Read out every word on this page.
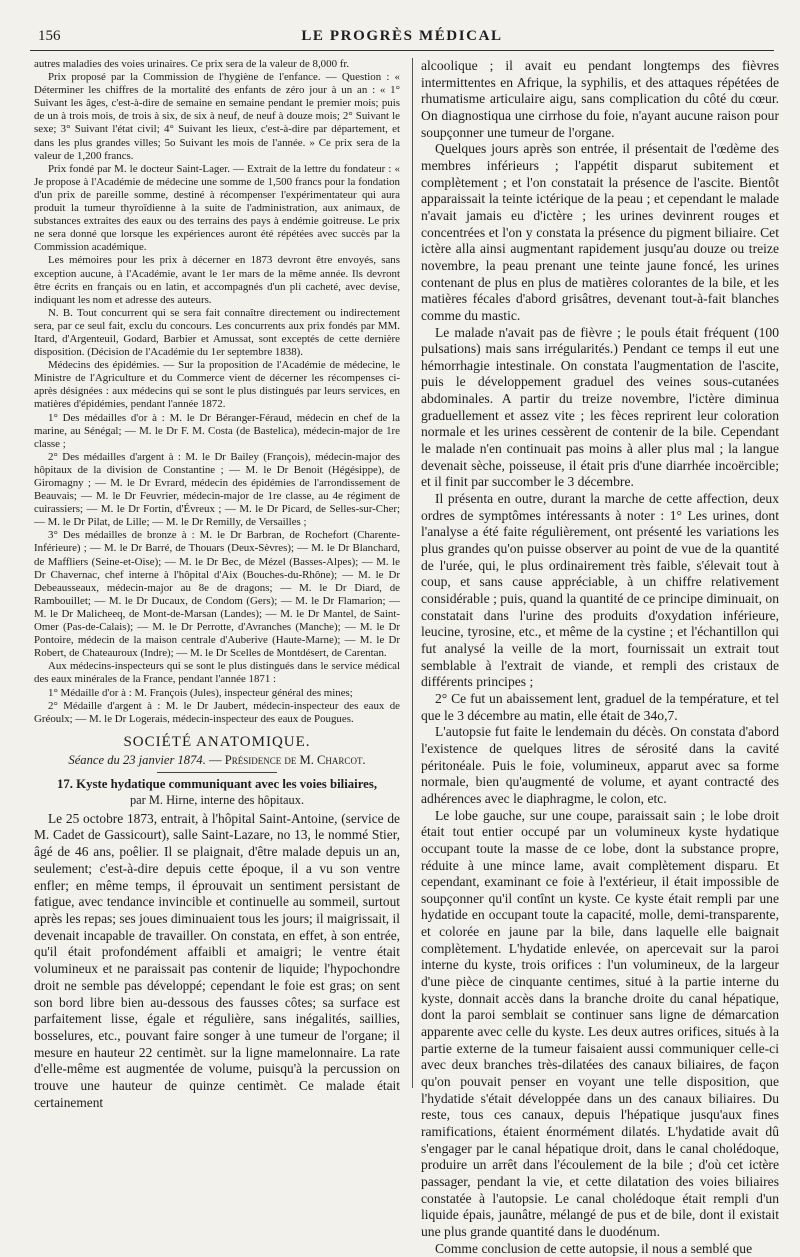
156	LE PROGRÈS MÉDICAL

autres maladies des voies urinaires. Ce prix sera de la valeur de 8,000 fr.

Prix proposé par la Commission de l'hygiène de l'enfance. — Question : « Déterminer les chiffres de la mortalité des enfants de zéro jour à un an : « 1° Suivant les âges, c'est-à-dire de semaine en semaine pendant le premier mois; puis de un à trois mois, de trois à six, de six à neuf, de neuf à douze mois; 2° Suivant le sexe; 3° Suivant l'état civil; 4° Suivant les lieux, c'est-à-dire par département, et dans les plus grandes villes; 5o Suivant les mois de l'année. » Ce prix sera de la valeur de 1,200 francs.

Prix fondé par M. le docteur Saint-Lager. — Extrait de la lettre du fondateur : « Je propose à l'Académie de médecine une somme de 1,500 francs pour la fondation d'un prix de pareille somme, destiné à récompenser l'expérimentateur qui aura produit la tumeur thyroïdienne à la suite de l'administration, aux animaux, de substances extraites des eaux ou des terrains des pays à endémie goitreuse. Le prix ne sera donné que lorsque les expériences auront été répétées avec succès par la Commission académique.

Les mémoires pour les prix à décerner en 1873 devront être envoyés, sans exception aucune, à l'Académie, avant le 1er mars de la même année. Ils devront être écrits en français ou en latin, et accompagnés d'un pli cacheté, avec devise, indiquant les nom et adresse des auteurs.

N. B. Tout concurrent qui se sera fait connaître directement ou indirectement sera, par ce seul fait, exclu du concours. Les concurrents aux prix fondés par MM. Itard, d'Argenteuil, Godard, Barbier et Amussat, sont exceptés de cette dernière disposition. (Décision de l'Académie du 1er septembre 1838).

Médecins des épidémies. — Sur la proposition de l'Académie de médecine, le Ministre de l'Agriculture et du Commerce vient de décerner les récompenses ci-après désignées : aux médecins qui se sont le plus distingués par leurs services, en matières d'épidémies, pendant l'année 1872.

1° Des médailles d'or à : M. le Dr Béranger-Féraud, médecin en chef de la marine, au Sénégal; — M. le Dr F. M. Costa (de Bastelica), médecin-major de 1re classe ;

2° Des médailles d'argent à : M. le Dr Bailey (François), médecin-major des hôpitaux de la division de Constantine ; — M. le Dr Benoit (Hégésippe), de Giromagny ; — M. le Dr Evrard, médecin des épidémies de l'arrondissement de Beauvais; — M. le Dr Feuvrier, médecin-major de 1re classe, au 4e régiment de cuirassiers; — M. le Dr Fortin, d'Évreux ; — M. le Dr Picard, de Selles-sur-Cher; — M. le Dr Pilat, de Lille; — M. le Dr Remilly, de Versailles ;

3° Des médailles de bronze à : M. le Dr Barbran, de Rochefort (Charente-Inférieure) ; — M. le Dr Barré, de Thouars (Deux-Sèvres); — M. le Dr Blanchard, de Maffliers (Seine-et-Oise); — M. le Dr Bec, de Mézel (Basses-Alpes); — M. le Dr Chavernac, chef interne à l'hôpital d'Aix (Bouches-du-Rhône); — M. le Dr Debeausseaux, médecin-major au 8e de dragons; — M. le Dr Diard, de Rambouillet; — M. le Dr Ducaux, de Condom (Gers); — M. le Dr Flamarion; — M. le Dr Malicheeq, de Mont-de-Marsan (Landes); — M. le Dr Mantel, de Saint-Omer (Pas-de-Calais); — M. le Dr Perrotte, d'Avranches (Manche); — M. le Dr Pontoire, médecin de la maison centrale d'Auberive (Haute-Marne); — M. le Dr Robert, de Chateauroux (Indre); — M. le Dr Scelles de Montdésert, de Carentan.

Aux médecins-inspecteurs qui se sont le plus distingués dans le service médical des eaux minérales de la France, pendant l'année 1871 :

1° Médaille d'or à : M. François (Jules), inspecteur général des mines;

2° Médaille d'argent à : M. le Dr Jaubert, médecin-inspecteur des eaux de Gréoulx; — M. le Dr Logerais, médecin-inspecteur des eaux de Pougues.

SOCIÉTÉ ANATOMIQUE.
Séance du 23 janvier 1874. — Présidence de M. Charcot.
17. Kyste hydatique communiquant avec les voies biliaires,
par M. Hirne, interne des hôpitaux.

Le 25 octobre 1873, entrait, à l'hôpital Saint-Antoine, (service de M. Cadet de Gassicourt), salle Saint-Lazare, no 13, le nommé Stier, âgé de 46 ans, poêlier. Il se plaignait, d'être malade depuis un an, seulement; c'est-à-dire depuis cette époque, il a vu son ventre enfler; en même temps, il éprouvait un sentiment persistant de fatigue, avec tendance invincible et continuelle au sommeil, surtout après les repas; ses joues diminuaient tous les jours; il maigrissait, il devenait incapable de travailler. On constata, en effet, à son entrée, qu'il était profondément affaibli et amaigri; le ventre était volumineux et ne paraissait pas contenir de liquide; l'hypochondre droit ne semble pas développé; cependant le foie est gras; on sent son bord libre bien au-dessous des fausses côtes; sa surface est parfaitement lisse, égale et régulière, sans inégalités, saillies, bosselures, etc., pouvant faire songer à une tumeur de l'organe; il mesure en hauteur 22 centimèt. sur la ligne mamelonnaire. La rate d'elle-même est augmentée de volume, puisqu'à la percussion on trouve une hauteur de quinze centimèt. Ce malade était certainement

alcoolique ; il avait eu pendant longtemps des fièvres intermittentes en Afrique, la syphilis, et des attaques répétées de rhumatisme articulaire aigu, sans complication du côté du cœur. On diagnostiqua une cirrhose du foie, n'ayant aucune raison pour soupçonner une tumeur de l'organe.

Quelques jours après son entrée, il présentait de l'œdème des membres inférieurs ; l'appétit disparut subitement et complètement ; et l'on constatait la présence de l'ascite. Bientôt apparaissait la teinte ictérique de la peau ; et cependant le malade n'avait jamais eu d'ictère ; les urines devinrent rouges et concentrées et l'on y constata la présence du pigment biliaire. Cet ictère alla ainsi augmentant rapidement jusqu'au douze ou treize novembre, la peau prenant une teinte jaune foncé, les urines contenant de plus en plus de matières colorantes de la bile, et les matières fécales d'abord grisâtres, devenant tout-à-fait blanches comme du mastic.

Le malade n'avait pas de fièvre ; le pouls était fréquent (100 pulsations) mais sans irrégularités.) Pendant ce temps il eut une hémorrhagie intestinale. On constata l'augmentation de l'ascite, puis le développement graduel des veines sous-cutanées abdominales. A partir du treize novembre, l'ictère diminua graduellement et assez vite ; les fèces reprirent leur coloration normale et les urines cessèrent de contenir de la bile. Cependant le malade n'en continuait pas moins à aller plus mal ; la langue devenait sèche, poisseuse, il était pris d'une diarrhée incoërcible; et il finit par succomber le 3 décembre.

Il présenta en outre, durant la marche de cette affection, deux ordres de symptômes intéressants à noter : 1° Les urines, dont l'analyse a été faite régulièrement, ont présenté les variations les plus grandes qu'on puisse observer au point de vue de la quantité de l'urée, qui, le plus ordinairement très faible, s'élevait tout à coup, et sans cause appréciable, à un chiffre relativement considérable ; puis, quand la quantité de ce principe diminuait, on constatait dans l'urine des produits d'oxydation inférieure, leucine, tyrosine, etc., et même de la cystine ; et l'échantillon qui fut analysé la veille de la mort, fournissait un extrait tout semblable à l'extrait de viande, et rempli des cristaux de différents principes ;

2° Ce fut un abaissement lent, graduel de la température, et tel que le 3 décembre au matin, elle était de 34o,7.

L'autopsie fut faite le lendemain du décès. On constata d'abord l'existence de quelques litres de sérosité dans la cavité péritonéale. Puis le foie, volumineux, apparut avec sa forme normale, bien qu'augmenté de volume, et ayant contracté des adhérences avec le diaphragme, le colon, etc.

Le lobe gauche, sur une coupe, paraissait sain ; le lobe droit était tout entier occupé par un volumineux kyste hydatique occupant toute la masse de ce lobe, dont la substance propre, réduite à une mince lame, avait complètement disparu. Et cependant, examinant ce foie à l'extérieur, il était impossible de soupçonner qu'il contînt un kyste. Ce kyste était rempli par une hydatide en occupant toute la capacité, molle, demi-transparente, et colorée en jaune par la bile, dans laquelle elle baignait complètement. L'hydatide enlevée, on apercevait sur la paroi interne du kyste, trois orifices : l'un volumineux, de la largeur d'une pièce de cinquante centimes, situé à la partie interne du kyste, donnait accès dans la branche droite du canal hépatique, dont la paroi semblait se continuer sans ligne de démarcation apparente avec celle du kyste. Les deux autres orifices, situés à la partie externe de la tumeur faisaient aussi communiquer celle-ci avec deux branches très-dilatées des canaux biliaires, de façon qu'on pouvait penser en voyant une telle disposition, que l'hydatide s'était développée dans un des canaux biliaires. Du reste, tous ces canaux, depuis l'hépatique jusqu'aux fines ramifications, étaient énormément dilatés. L'hydatide avait dû s'engager par le canal hépatique droit, dans le canal cholédoque, produire un arrêt dans l'écoulement de la bile ; d'où cet ictère passager, pendant la vie, et cette dilatation des voies biliaires constatée à l'autopsie. Le canal cholédoque était rempli d'un liquide épais, jaunâtre, mélangé de pus et de bile, dont il existait une plus grande quantité dans le duodénum.

Comme conclusion de cette autopsie, il nous a semblé que
